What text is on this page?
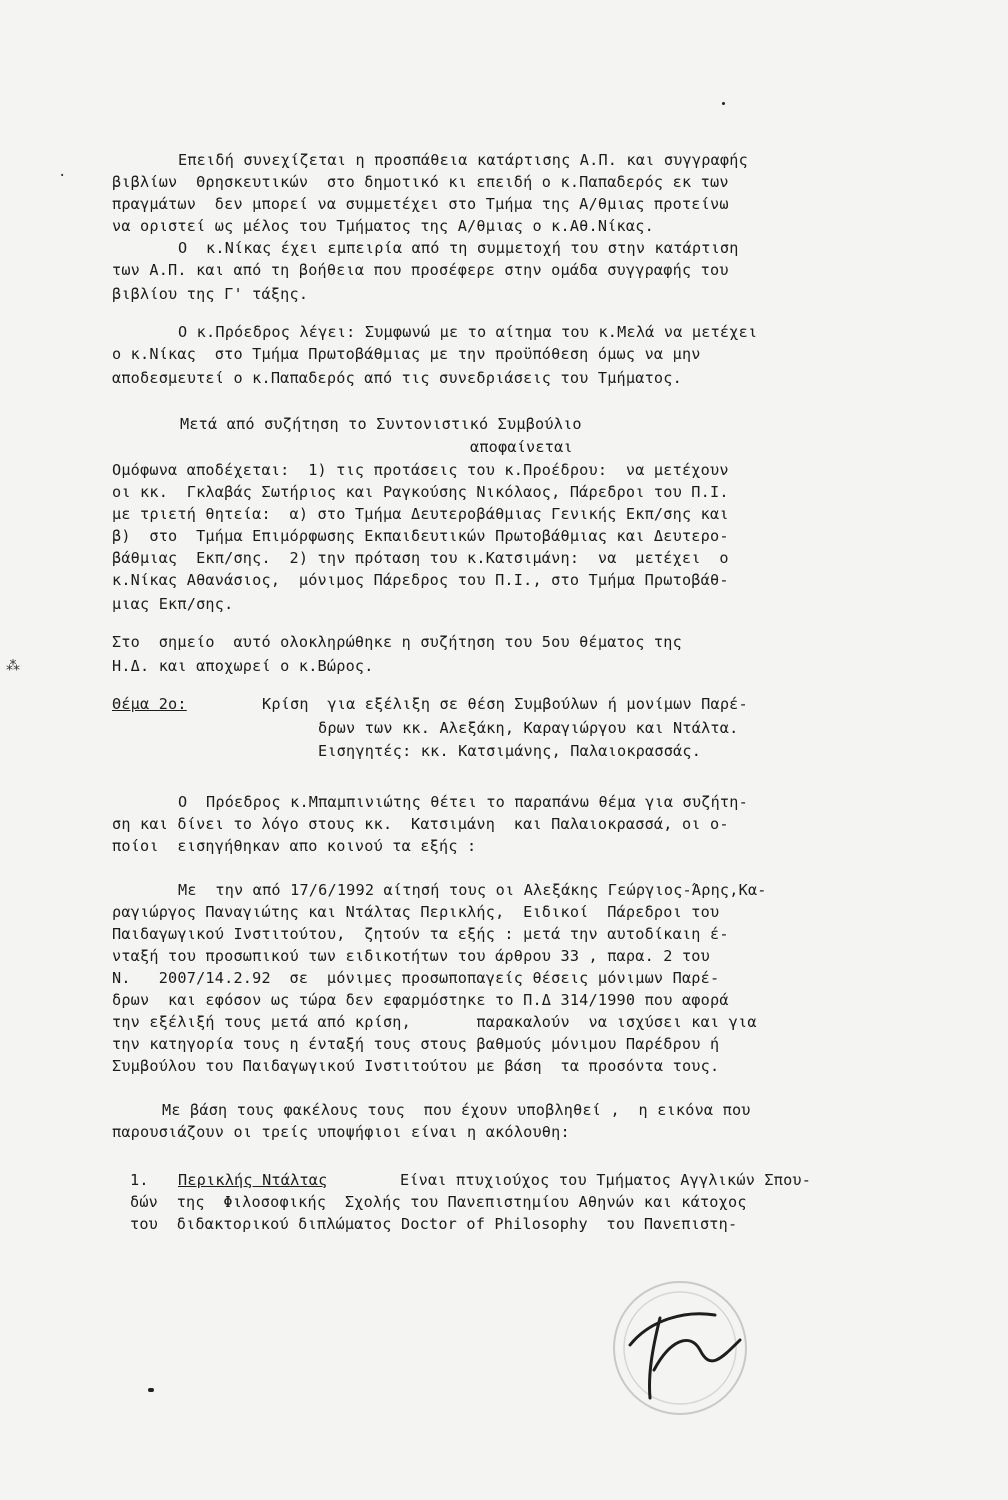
Επειδή συνεχίζεται η προσπάθεια κατάρτισης Α.Π. και συγγραφής
βιβλίων  Θρησκευτικών  στο δημοτικό κι επειδή ο κ.Παπαδερός εκ των
πραγμάτων  δεν μπορεί να συμμετέχει στο Τμήμα της Α/θμιας προτείνω
να οριστεί ως μέλος του Τμήματος της Α/θμιας ο κ.Αθ.Νίκας.
Ο  κ.Νίκας έχει εμπειρία από τη συμμετοχή του στην κατάρτιση
των Α.Π. και από τη βοήθεια που προσέφερε στην ομάδα συγγραφής του
βιβλίου της Γ' τάξης.
Ο κ.Πρόεδρος λέγει: Συμφωνώ με το αίτημα του κ.Μελά να μετέχει
ο κ.Νίκας  στο Τμήμα Πρωτοβάθμιας με την προϋπόθεση όμως να μην
αποδεσμευτεί ο κ.Παπαδερός από τις συνεδριάσεις του Τμήματος.
Μετά από συζήτηση το Συντονιστικό Συμβούλιο
αποφαίνεται
Ομόφωνα αποδέχεται:  1) τις προτάσεις του κ.Προέδρου:  να μετέχουν
οι κκ.  Γκλαβάς Σωτήριος και Ραγκούσης Νικόλαος, Πάρεδροι του Π.Ι.
με τριετή θητεία:  α) στο Τμήμα Δευτεροβάθμιας Γενικής Εκπ/σης και
β)  στο  Τμήμα Επιμόρφωσης Εκπαιδευτικών Πρωτοβάθμιας και Δευτερο-
βάθμιας  Εκπ/σης.  2) την πρόταση του κ.Κατσιμάνη:  να  μετέχει  ο
κ.Νίκας Αθανάσιος,  μόνιμος Πάρεδρος του Π.Ι., στο Τμήμα Πρωτοβάθ-
μιας Εκπ/σης.
Στο  σημείο  αυτό ολοκληρώθηκε η συζήτηση του 5ου θέματος της
Η.Δ. και αποχωρεί ο κ.Βώρος.
Θέμα 2ο:	Κρίση  για εξέλιξη σε θέση Συμβούλων ή μονίμων Παρέ-
δρων των κκ. Αλεξάκη, Καραγιώργου και Ντάλτα.
Εισηγητές: κκ. Κατσιμάνης, Παλαιοκρασσάς.
Ο  Πρόεδρος κ.Μπαμπινιώτης θέτει το παραπάνω θέμα για συζήτη-
ση και δίνει το λόγο στους κκ.  Κατσιμάνη  και Παλαιοκρασσά, οι ο-
ποίοι  εισηγήθηκαν απο κοινού τα εξής :
Με  την από 17/6/1992 αίτησή τους οι Αλεξάκης Γεώργιος-Άρης,Κα-
ραγιώργος Παναγιώτης και Ντάλτας Περικλής,  Ειδικοί  Πάρεδροι του
Παιδαγωγικού Ινστιτούτου,  ζητούν τα εξής : μετά την αυτοδίκαιη έ-
νταξή του προσωπικού των ειδικοτήτων του άρθρου 33 , παρα. 2 του
Ν.   2007/14.2.92  σε  μόνιμες προσωποπαγείς θέσεις μόνιμων Παρέ-
δρων  και εφόσον ως τώρα δεν εφαρμόστηκε το Π.Δ 314/1990 που αφορά
την εξέλιξή τους μετά από κρίση,       παρακαλούν  να ισχύσει και για
την κατηγορία τους η ένταξή τους στους βαθμούς μόνιμου Παρέδρου ή
Συμβούλου του Παιδαγωγικού Ινστιτούτου με βάση  τα προσόντα τους.
Με βάση τους φακέλους τους  που έχουν υποβληθεί ,  η εικόνα που
παρουσιάζουν οι τρείς υποψήφιοι είναι η ακόλουθη:
1. Περικλής Ντάλτας	Είναι πτυχιούχος του Τμήματος Αγγλικών Σπου-
δών  της  Φιλοσοφικής  Σχολής του Πανεπιστημίου Αθηνών και κάτοχος
του  διδακτορικού διπλώματος Doctor of Philosophy  του Πανεπιστη-
·
⁂
